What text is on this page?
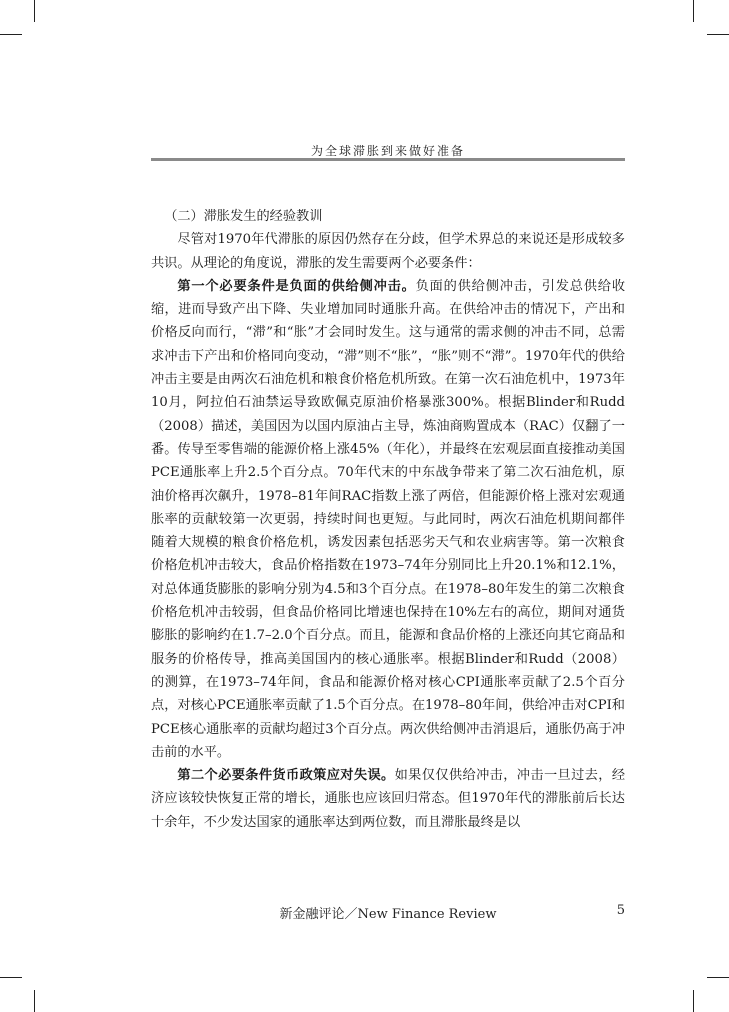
为全球滞胀到来做好准备

（二）滞胀发生的经验教训

尽管对1970年代滞胀的原因仍然存在分歧，但学术界总的来说还是形成较多共识。从理论的角度说，滞胀的发生需要两个必要条件：

第一个必要条件是负面的供给侧冲击。负面的供给侧冲击，引发总供给收缩，进而导致产出下降、失业增加同时通胀升高。在供给冲击的情况下，产出和价格反向而行，“滞”和“胀”才会同时发生。这与通常的需求侧的冲击不同，总需求冲击下产出和价格同向变动，“滞”则不“胀”，“胀”则不“滞”。1970年代的供给冲击主要是由两次石油危机和粮食价格危机所致。在第一次石油危机中，1973年10月，阿拉伯石油禁运导致欧佩克原油价格暴涨300%。根据Blinder和Rudd（2008）描述，美国因为以国内原油占主导，炼油商购置成本（RAC）仅翻了一番。传导至零售端的能源价格上涨45%（年化），并最终在宏观层面直接推动美国PCE通胀率上升2.5个百分点。70年代末的中东战争带来了第二次石油危机，原油价格再次飙升，1978–81年间RAC指数上涨了两倍，但能源价格上涨对宏观通胀率的贡献较第一次更弱，持续时间也更短。与此同时，两次石油危机期间都伴随着大规模的粮食价格危机，诱发因素包括恶劣天气和农业病害等。第一次粮食价格危机冲击较大，食品价格指数在1973–74年分别同比上升20.1%和12.1%，对总体通货膨胀的影响分别为4.5和3个百分点。在1978–80年发生的第二次粮食价格危机冲击较弱，但食品价格同比增速也保持在10%左右的高位，期间对通货膨胀的影响约在1.7–2.0个百分点。而且，能源和食品价格的上涨还向其它商品和服务的价格传导，推高美国国内的核心通胀率。根据Blinder和Rudd（2008）的测算，在1973–74年间，食品和能源价格对核心CPI通胀率贡献了2.5个百分点，对核心PCE通胀率贡献了1.5个百分点。在1978–80年间，供给冲击对CPI和PCE核心通胀率的贡献均超过3个百分点。两次供给侧冲击消退后，通胀仍高于冲击前的水平。

第二个必要条件货币政策应对失误。如果仅仅供给冲击，冲击一旦过去，经济应该较快恢复正常的增长，通胀也应该回归常态。但1970年代的滞胀前后长达十余年，不少发达国家的通胀率达到两位数，而且滞胀最终是以

新金融评论／New Finance Review	5
